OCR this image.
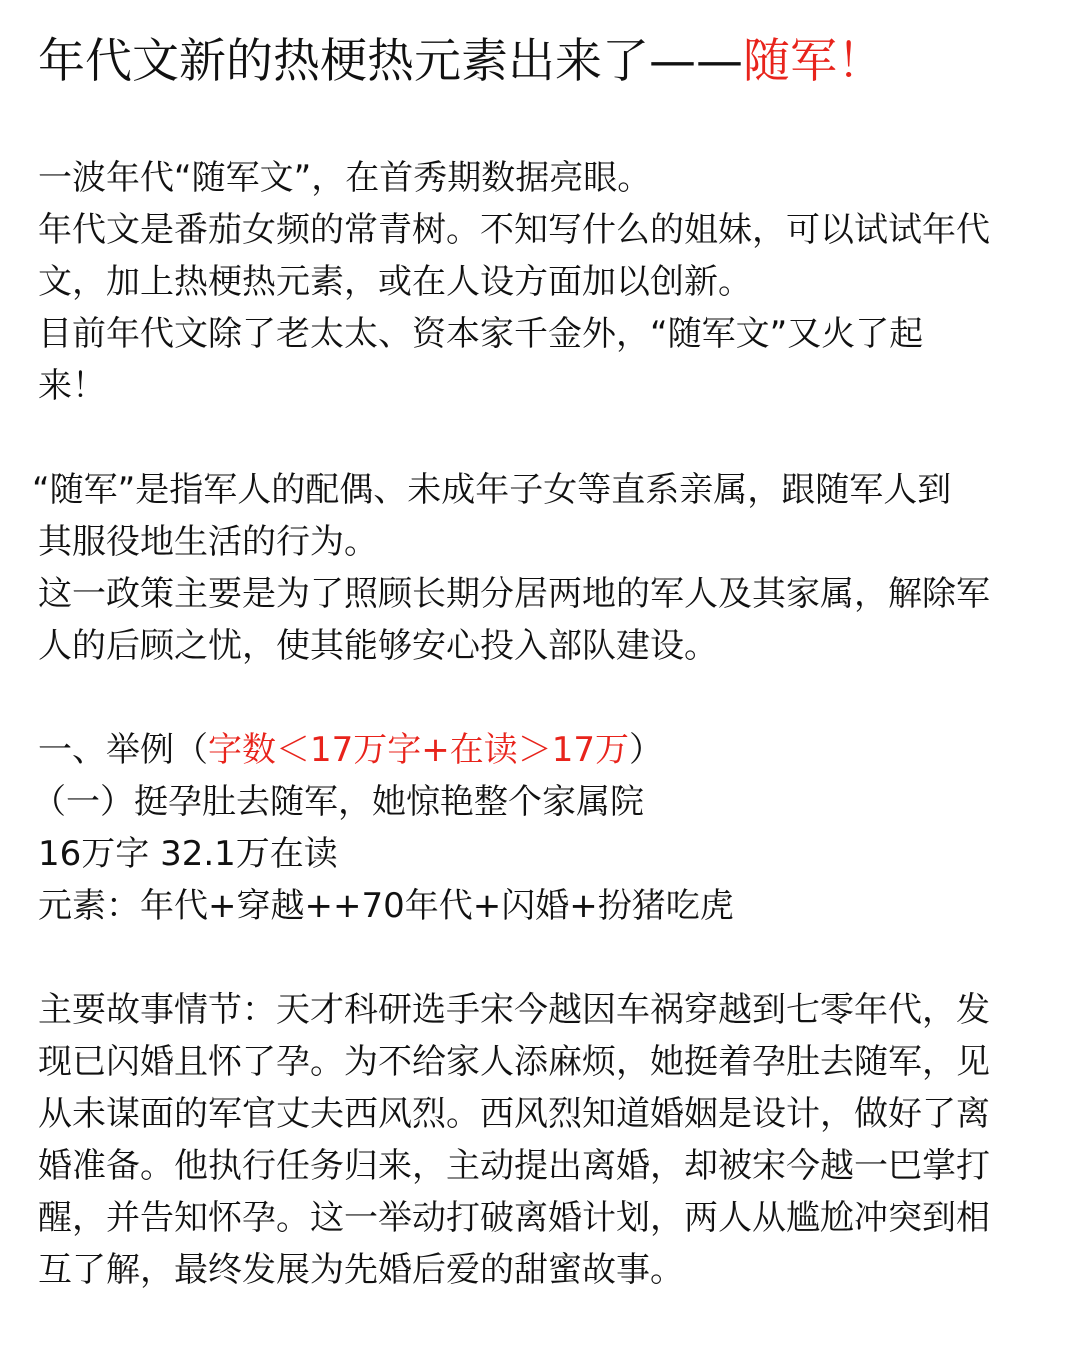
年代文新的热梗热元素出来了——随军！
一波年代“随军文”，在首秀期数据亮眼。
年代文是番茄女频的常青树。不知写什么的姐妹，可以试试年代
文，加上热梗热元素，或在人设方面加以创新。
目前年代文除了老太太、资本家千金外，“随军文”又火了起
来！
“随军”是指军人的配偶、未成年子女等直系亲属，跟随军人到
其服役地生活的行为。
这一政策主要是为了照顾长期分居两地的军人及其家属，解除军
人的后顾之忧，使其能够安心投入部队建设。
一、举例（字数＜17万字+在读＞17万）
（一）挺孕肚去随军，她惊艳整个家属院
16万字 32.1万在读
元素：年代+穿越++70年代+闪婚+扮猪吃虎
主要故事情节：天才科研选手宋今越因车祸穿越到七零年代，发
现已闪婚且怀了孕。为不给家人添麻烦，她挺着孕肚去随军，见
从未谋面的军官丈夫西风烈。西风烈知道婚姻是设计，做好了离
婚准备。他执行任务归来，主动提出离婚，却被宋今越一巴掌打
醒，并告知怀孕。这一举动打破离婚计划，两人从尴尬冲突到相
互了解，最终发展为先婚后爱的甜蜜故事。
